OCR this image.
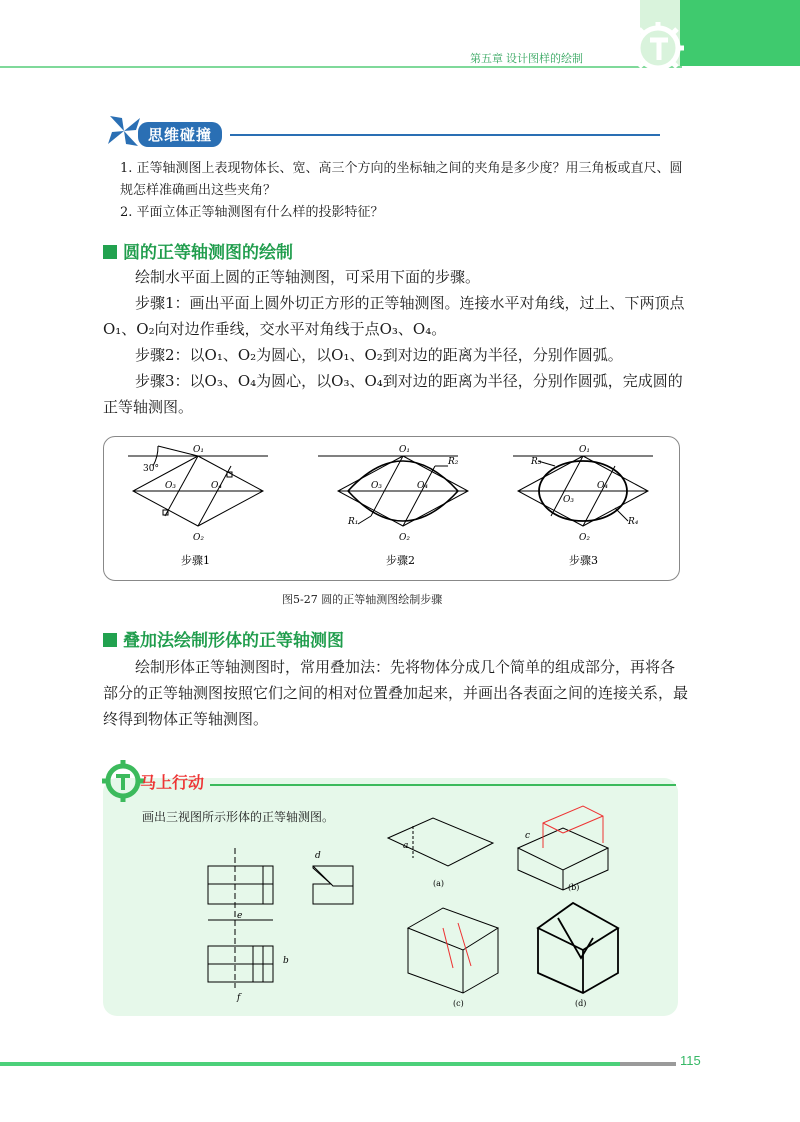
第五章 设计图样的绘制
思维碰撞
1. 正等轴测图上表现物体长、宽、高三个方向的坐标轴之间的夹角是多少度？用三角板或直尺、圆规怎样准确画出这些夹角？
2. 平面立体正等轴测图有什么样的投影特征？
圆的正等轴测图的绘制
绘制水平面上圆的正等轴测图，可采用下面的步骤。
步骤1：画出平面上圆外切正方形的正等轴测图。连接水平对角线，过上、下两顶点O₁、O₂向对边作垂线，交水平对角线于点O₃、O₄。
步骤2：以O₁、O₂为圆心，以O₁、O₂到对边的距离为半径，分别作圆弧。
步骤3：以O₃、O₄为圆心，以O₃、O₄到对边的距离为半径，分别作圆弧，完成圆的正等轴测图。
30°
O₁
O₂
O₃	O₄
O₁
O₂
O₃	O₄
R₂
R₁
O₁
O₂
O₃
O₄
R₃
R₄
步骤1	步骤2	步骤3
图5-27 圆的正等轴测图绘制步骤
叠加法绘制形体的正等轴测图
绘制形体正等轴测图时，常用叠加法：先将物体分成几个简单的组成部分，再将各部分的正等轴测图按照它们之间的相对位置叠加起来，并画出各表面之间的连接关系，最终得到物体正等轴测图。
马上行动
画出三视图所示形体的正等轴测图。
d
b
c
a
e
f
(a)	(b)
(c)	(d)
115
